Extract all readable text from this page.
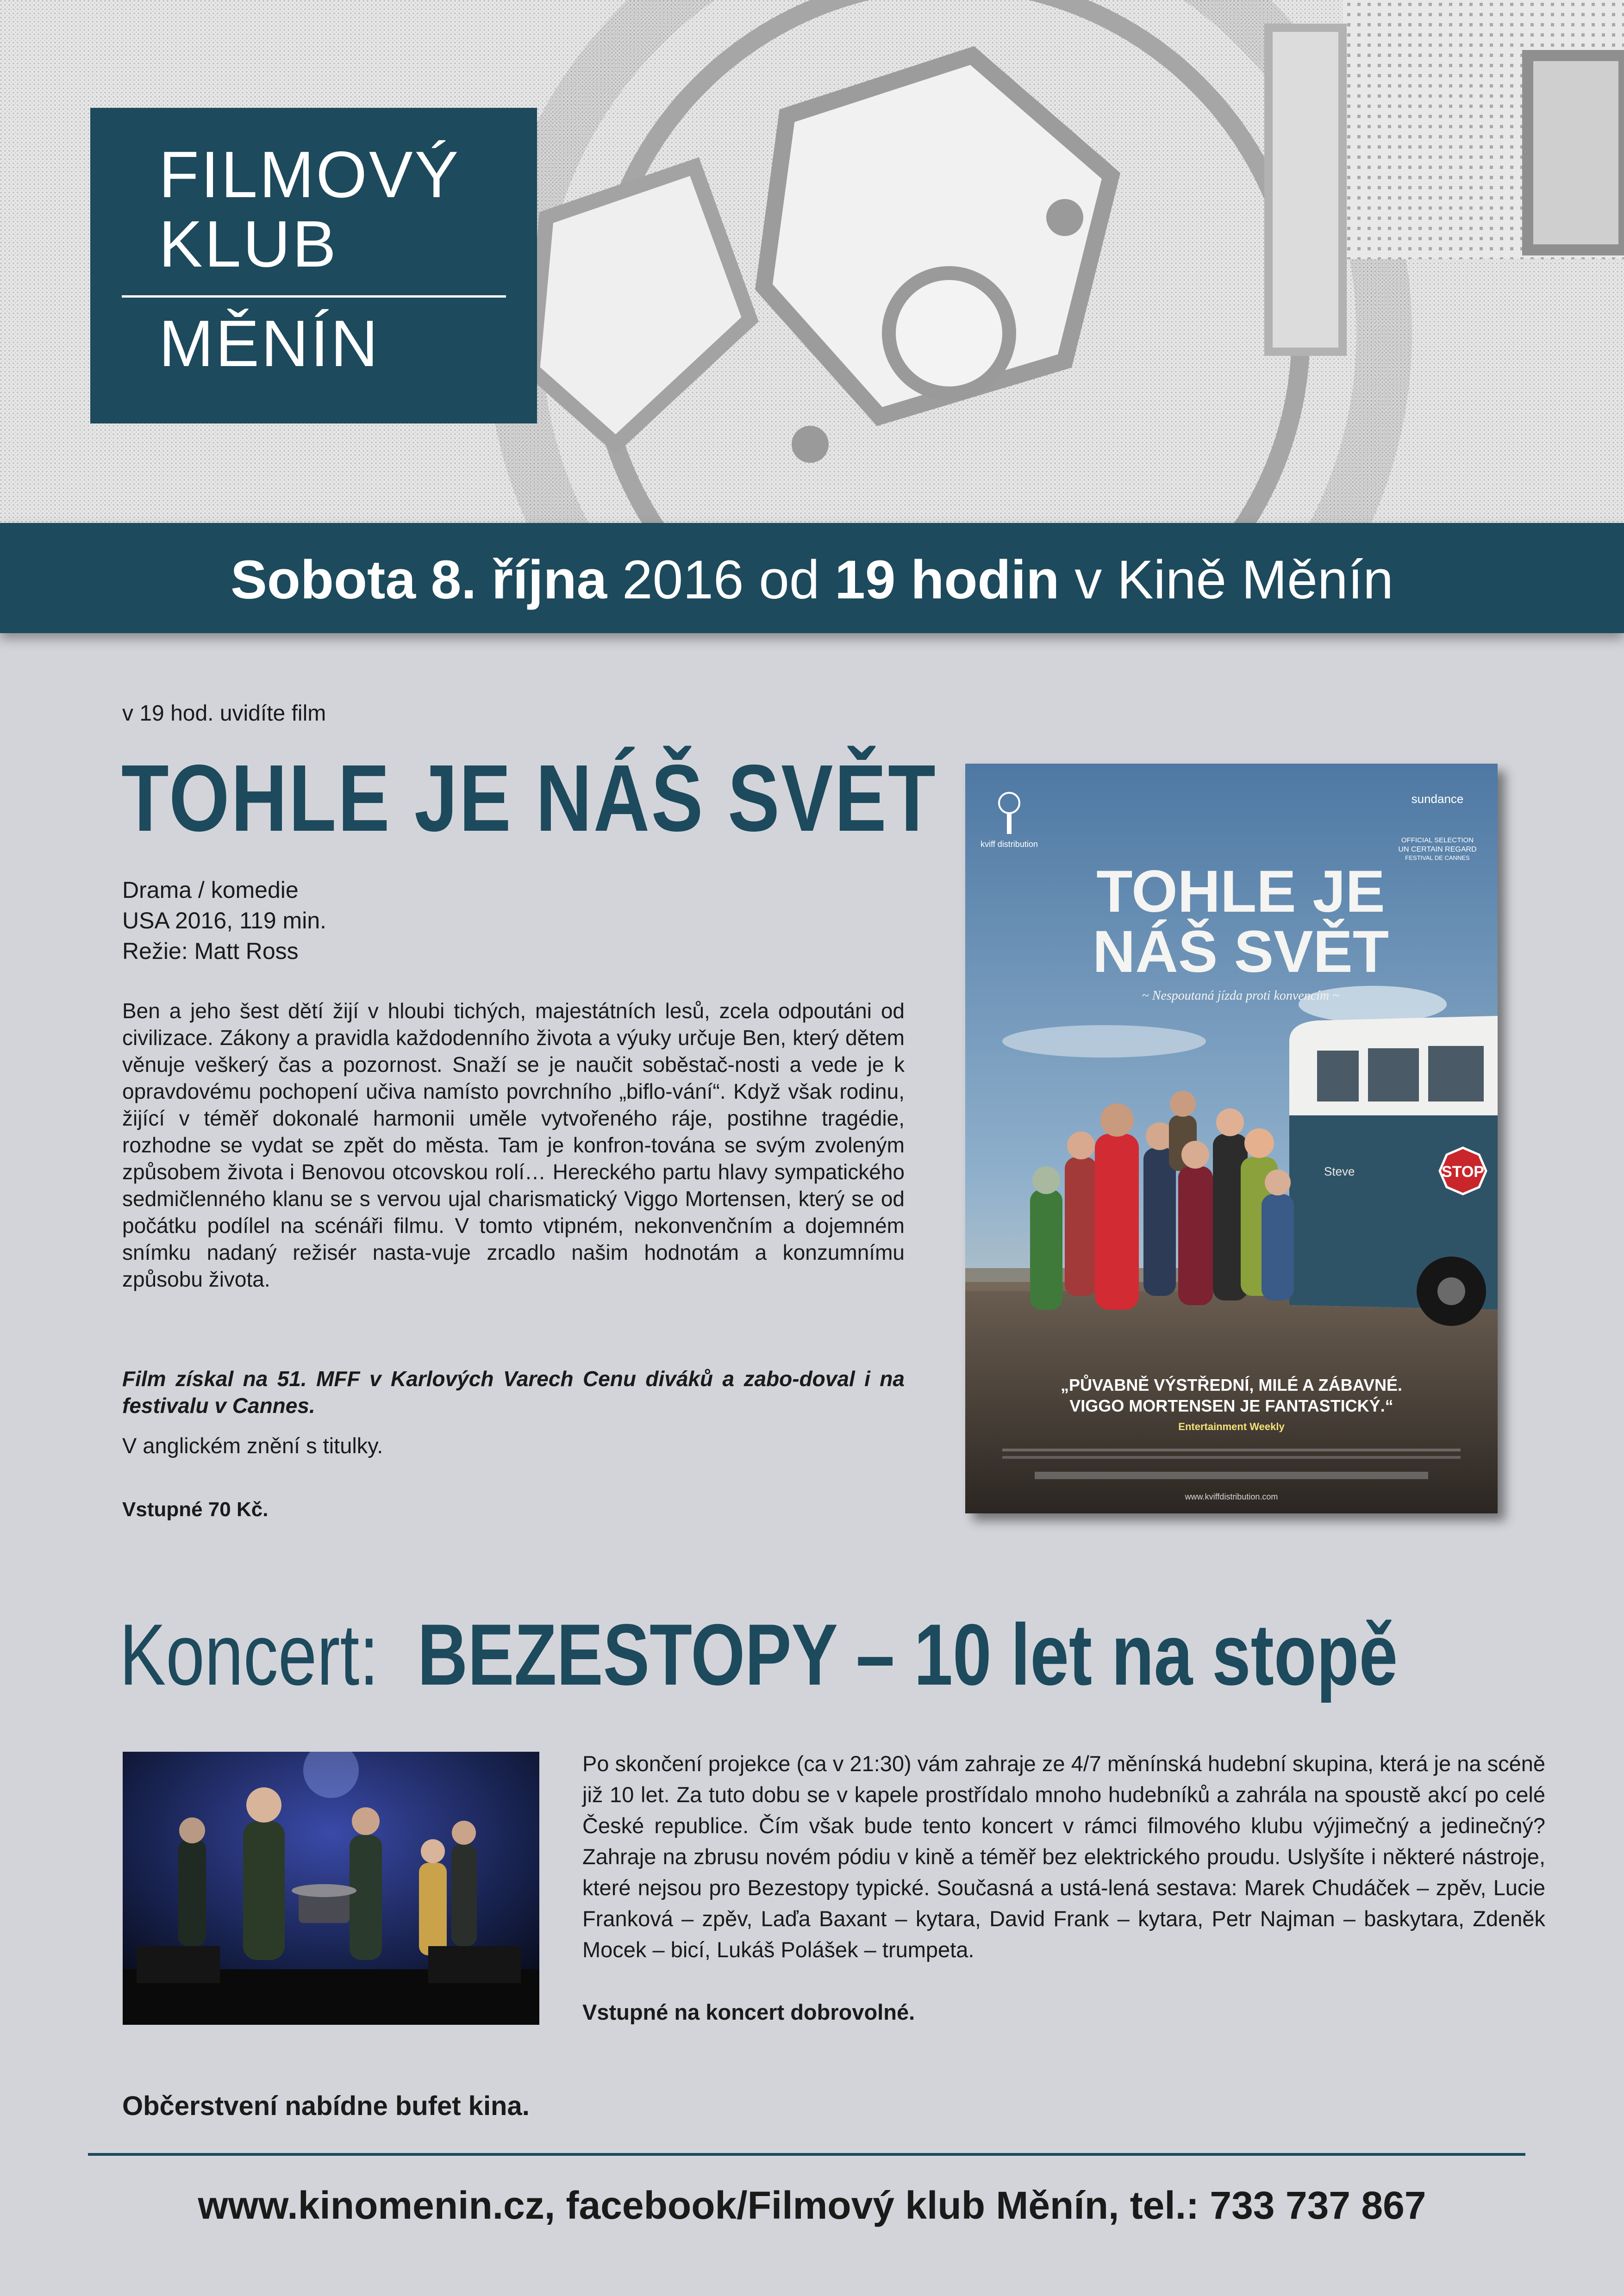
FILMOVÝ
KLUB
MĚNÍN
Sobota 8. října 2016 od 19 hodin v Kině Měnín
v 19 hod. uvidíte film
TOHLE JE NÁŠ SVĚT
Drama / komedie
USA 2016, 119 min.
Režie: Matt Ross
Ben a jeho šest dětí žijí v hloubi tichých, majestátních lesů, zcela odpoutáni od civilizace. Zákony a pravidla každodenního života a výuky určuje Ben, který dětem věnuje veškerý čas a pozornost. Snaží se je naučit soběstač-nosti a vede je k opravdovému pochopení učiva namísto povrchního „biflo-vání“. Když však rodinu, žijící v téměř dokonalé harmonii uměle vytvořeného ráje, postihne tragédie, rozhodne se vydat se zpět do města. Tam je konfron-tována se svým zvoleným způsobem života i Benovou otcovskou rolí… Hereckého partu hlavy sympatického sedmičlenného klanu se s vervou ujal charismatický Viggo Mortensen, který se od počátku podílel na scénáři filmu. V tomto vtipném, nekonvenčním a dojemném snímku nadaný režisér nasta-vuje zrcadlo našim hodnotám a konzumnímu způsobu života.
Film získal na 51. MFF v Karlových Varech Cenu diváků a zabo-doval i na festivalu v Cannes.
V anglickém znění s titulky.
Vstupné 70 Kč.
STOP
Steve
kviff distribution
sundance
OFFICIAL SELECTION
UN CERTAIN REGARD
FESTIVAL DE CANNES
TOHLE JE
NÁŠ SVĚT
~ Nespoutaná jízda proti konvencím ~
„PŮVABNĚ VÝSTŘEDNÍ, MILÉ A ZÁBAVNÉ.
VIGGO MORTENSEN JE FANTASTICKÝ.“
Entertainment Weekly
www.kviffdistribution.com
Koncert: BEZESTOPY – 10 let na stopě
Po skončení projekce (ca v 21:30) vám zahraje ze 4/7 měnínská hudební skupina, která je na scéně již 10 let. Za tuto dobu se v kapele prostřídalo mnoho hudebníků a zahrála na spoustě akcí po celé České republice. Čím však bude tento koncert v rámci filmového klubu výjimečný a jedinečný? Zahraje na zbrusu novém pódiu v kině a téměř bez elektrického proudu. Uslyšíte i některé nástroje, které nejsou pro Bezestopy typické. Současná a ustá-lená sestava: Marek Chudáček – zpěv, Lucie Franková – zpěv, Laďa Baxant – kytara, David Frank – kytara, Petr Najman – baskytara, Zdeněk Mocek – bicí, Lukáš Polášek – trumpeta.
Vstupné na koncert dobrovolné.
Občerstvení nabídne bufet kina.
www.kinomenin.cz, facebook/Filmový klub Měnín, tel.: 733 737 867
